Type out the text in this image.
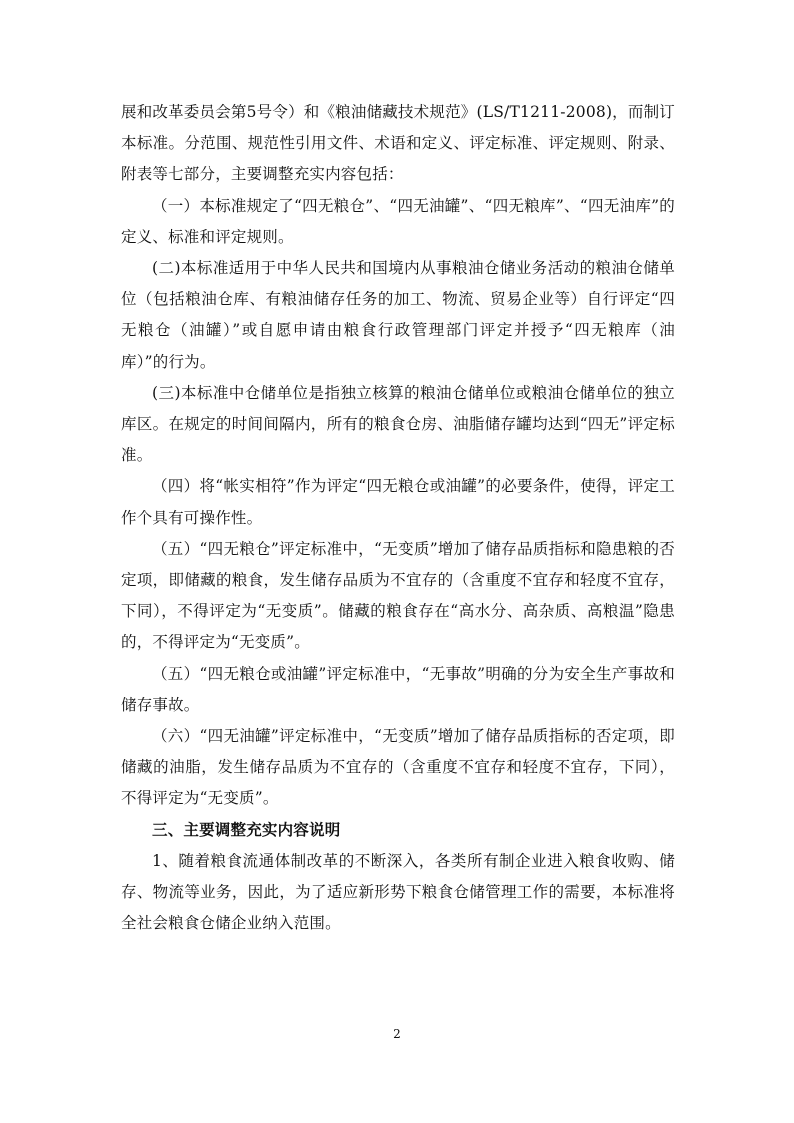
展和改革委员会第5号令）和《粮油储藏技术规范》(LS/T1211-2008)，而制订本标准。分范围、规范性引用文件、术语和定义、评定标准、评定规则、附录、附表等七部分，主要调整充实内容包括：

（一）本标准规定了“四无粮仓”、“四无油罐”、“四无粮库”、“四无油库”的定义、标准和评定规则。

(二)本标准适用于中华人民共和国境内从事粮油仓储业务活动的粮油仓储单位（包括粮油仓库、有粮油储存任务的加工、物流、贸易企业等）自行评定“四无粮仓（油罐）”或自愿申请由粮食行政管理部门评定并授予“四无粮库（油库）”的行为。

(三)本标准中仓储单位是指独立核算的粮油仓储单位或粮油仓储单位的独立库区。在规定的时间间隔内，所有的粮食仓房、油脂储存罐均达到“四无”评定标准。

（四）将“帐实相符”作为评定“四无粮仓或油罐”的必要条件，使得，评定工作个具有可操作性。

（五）“四无粮仓”评定标准中，“无变质”增加了储存品质指标和隐患粮的否定项，即储藏的粮食，发生储存品质为不宜存的（含重度不宜存和轻度不宜存，下同），不得评定为“无变质”。储藏的粮食存在“高水分、高杂质、高粮温”隐患的，不得评定为“无变质”。

（五）“四无粮仓或油罐”评定标准中，“无事故”明确的分为安全生产事故和储存事故。

（六）“四无油罐”评定标准中，“无变质”增加了储存品质指标的否定项，即储藏的油脂，发生储存品质为不宜存的（含重度不宜存和轻度不宜存，下同），不得评定为“无变质”。

三、主要调整充实内容说明

1、随着粮食流通体制改革的不断深入，各类所有制企业进入粮食收购、储存、物流等业务，因此，为了适应新形势下粮食仓储管理工作的需要，本标准将全社会粮食仓储企业纳入范围。

2
